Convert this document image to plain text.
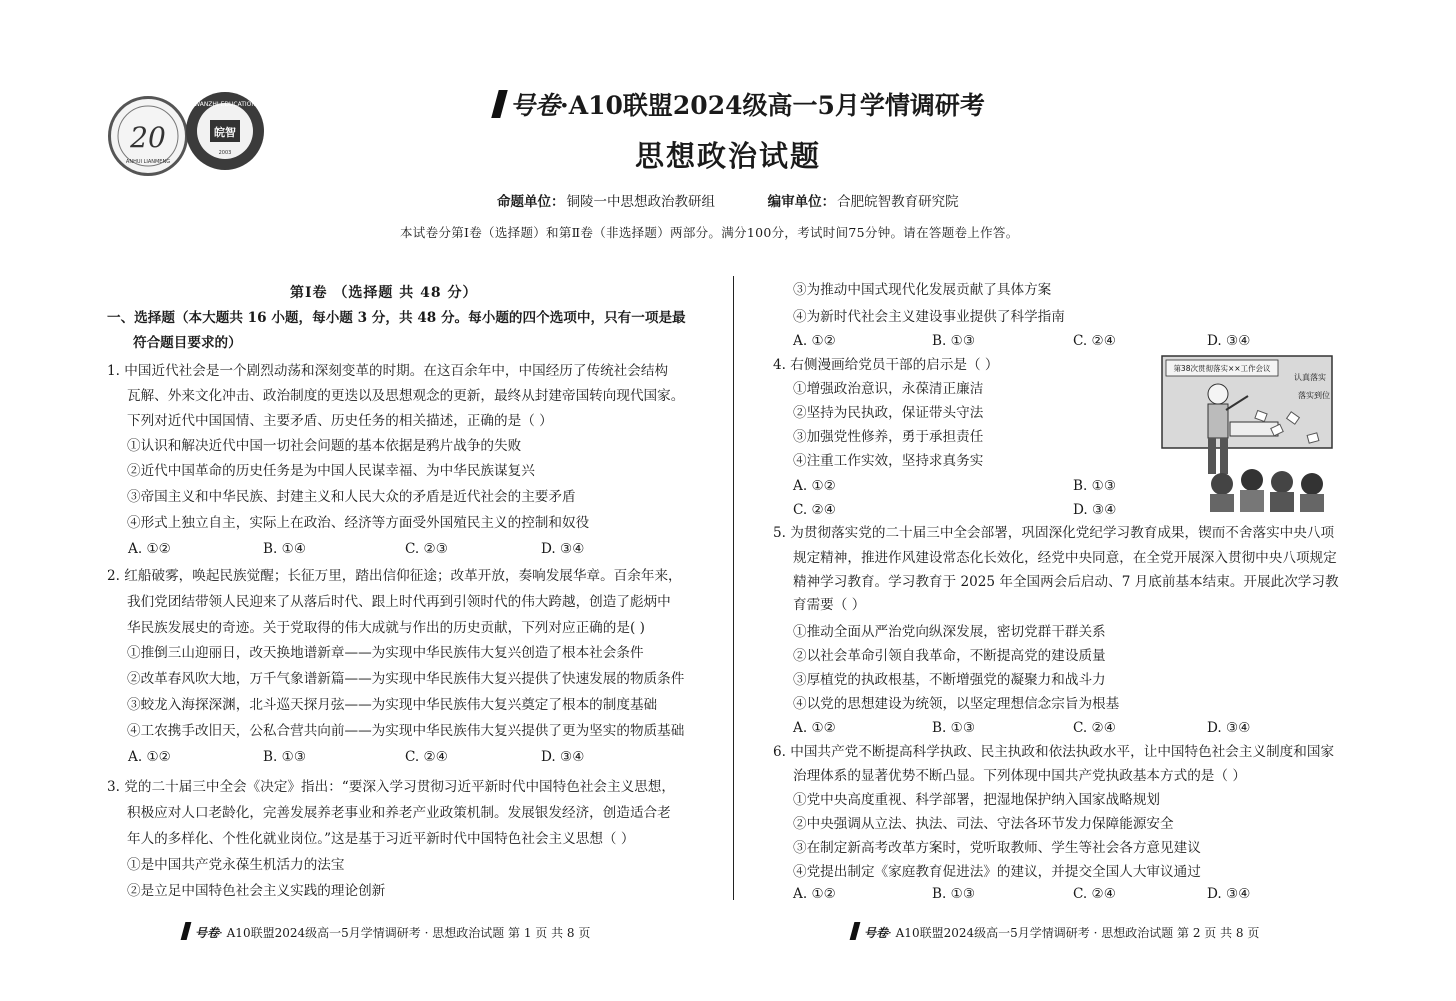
20
ANHUI LIANMENG
WANZHI EDUCATION
皖智
2003
号卷·A10联盟2024级高一5月学情调研考
思想政治试题
命题单位： 铜陵一中思想政治教研组	编审单位： 合肥皖智教育研究院
本试卷分第Ⅰ卷（选择题）和第Ⅱ卷（非选择题）两部分。满分100分，考试时间75分钟。请在答题卷上作答。
第Ⅰ卷 （选择题 共 48 分）
一、选择题（本大题共 16 小题，每小题 3 分，共 48 分。每小题的四个选项中，只有一项是最
符合题目要求的）
1. 中国近代社会是一个剧烈动荡和深刻变革的时期。在这百余年中，中国经历了传统社会结构
瓦解、外来文化冲击、政治制度的更迭以及思想观念的更新，最终从封建帝国转向现代国家。
下列对近代中国国情、主要矛盾、历史任务的相关描述，正确的是（ ）
①认识和解决近代中国一切社会问题的基本依据是鸦片战争的失败
②近代中国革命的历史任务是为中国人民谋幸福、为中华民族谋复兴
③帝国主义和中华民族、封建主义和人民大众的矛盾是近代社会的主要矛盾
④形式上独立自主，实际上在政治、经济等方面受外国殖民主义的控制和奴役
A. ①②	B. ①④	C. ②③	D. ③④
2. 红船破雾，唤起民族觉醒；长征万里，踏出信仰征途；改革开放，奏响发展华章。百余年来，
我们党团结带领人民迎来了从落后时代、跟上时代再到引领时代的伟大跨越，创造了彪炳中
华民族发展史的奇迹。关于党取得的伟大成就与作出的历史贡献，下列对应正确的是( )
①推倒三山迎丽日，改天换地谱新章——为实现中华民族伟大复兴创造了根本社会条件
②改革春风吹大地，万千气象谱新篇——为实现中华民族伟大复兴提供了快速发展的物质条件
③蛟龙入海探深渊，北斗巡天探月弦——为实现中华民族伟大复兴奠定了根本的制度基础
④工农携手改旧天，公私合营共向前——为实现中华民族伟大复兴提供了更为坚实的物质基础
A. ①②	B. ①③	C. ②④	D. ③④
3. 党的二十届三中全会《决定》指出：“要深入学习贯彻习近平新时代中国特色社会主义思想，
积极应对人口老龄化，完善发展养老事业和养老产业政策机制。发展银发经济，创造适合老
年人的多样化、个性化就业岗位。”这是基于习近平新时代中国特色社会主义思想（ ）
①是中国共产党永葆生机活力的法宝
②是立足中国特色社会主义实践的理论创新
③为推动中国式现代化发展贡献了具体方案
④为新时代社会主义建设事业提供了科学指南
A. ①②	B. ①③	C. ②④	D. ③④
4. 右侧漫画给党员干部的启示是（ ）
①增强政治意识，永葆清正廉洁
②坚持为民执政，保证带头守法
③加强党性修养，勇于承担责任
④注重工作实效，坚持求真务实
A. ①②	B. ①③
C. ②④	D. ③④
5. 为贯彻落实党的二十届三中全会部署，巩固深化党纪学习教育成果，锲而不舍落实中央八项
规定精神，推进作风建设常态化长效化，经党中央同意，在全党开展深入贯彻中央八项规定
精神学习教育。学习教育于 2025 年全国两会后启动、7 月底前基本结束。开展此次学习教
育需要（ ）
①推动全面从严治党向纵深发展，密切党群干群关系
②以社会革命引领自我革命，不断提高党的建设质量
③厚植党的执政根基，不断增强党的凝聚力和战斗力
④以党的思想建设为统领，以坚定理想信念宗旨为根基
A. ①②	B. ①③	C. ②④	D. ③④
6. 中国共产党不断提高科学执政、民主执政和依法执政水平，让中国特色社会主义制度和国家
治理体系的显著优势不断凸显。下列体现中国共产党执政基本方式的是（ ）
①党中央高度重视、科学部署，把湿地保护纳入国家战略规划
②中央强调从立法、执法、司法、守法各环节发力保障能源安全
③在制定新高考改革方案时，党听取教师、学生等社会各方意见建议
④党提出制定《家庭教育促进法》的建议，并提交全国人大审议通过
A. ①②	B. ①③	C. ②④	D. ③④
第38次贯彻落实××工作会议
认真落实
落实到位
号卷· A10联盟2024级高一5月学情调研考 · 思想政治试题 第 1 页 共 8 页	号卷· A10联盟2024级高一5月学情调研考 · 思想政治试题 第 2 页 共 8 页
